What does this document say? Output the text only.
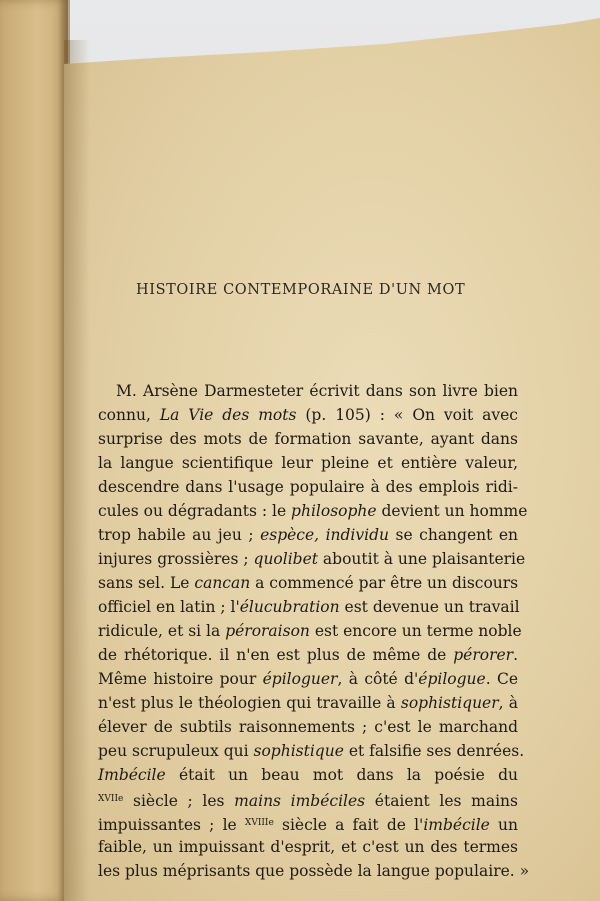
HISTOIRE CONTEMPORAINE D'UN MOT
M. Arsène Darmesteter écrivit dans son livre bien
connu, La Vie des mots (p. 105) : « On voit avec
surprise des mots de formation savante, ayant dans
la langue scientifique leur pleine et entière valeur,
descendre dans l'usage populaire à des emplois ridi-
cules ou dégradants : le philosophe devient un homme
trop habile au jeu ; espèce, individu se changent en
injures grossières ; quolibet aboutit à une plaisanterie
sans sel. Le cancan a commencé par être un discours
officiel en latin ; l'élucubration est devenue un travail
ridicule, et si la péroraison est encore un terme noble
de rhétorique. il n'en est plus de même de pérorer.
Même histoire pour épiloguer, à côté d'épilogue. Ce
n'est plus le théologien qui travaille à sophistiquer, à
élever de subtils raisonnements ; c'est le marchand
peu scrupuleux qui sophistique et falsifie ses denrées.
Imbécile était un beau mot dans la poésie du
$^{XVIIe}$ siècle ; les mains imbéciles étaient les mains
impuissantes ; le $^{XVIIIe}$ siècle a fait de l'imbécile un
faible, un impuissant d'esprit, et c'est un des termes
les plus méprisants que possède la langue populaire. »
